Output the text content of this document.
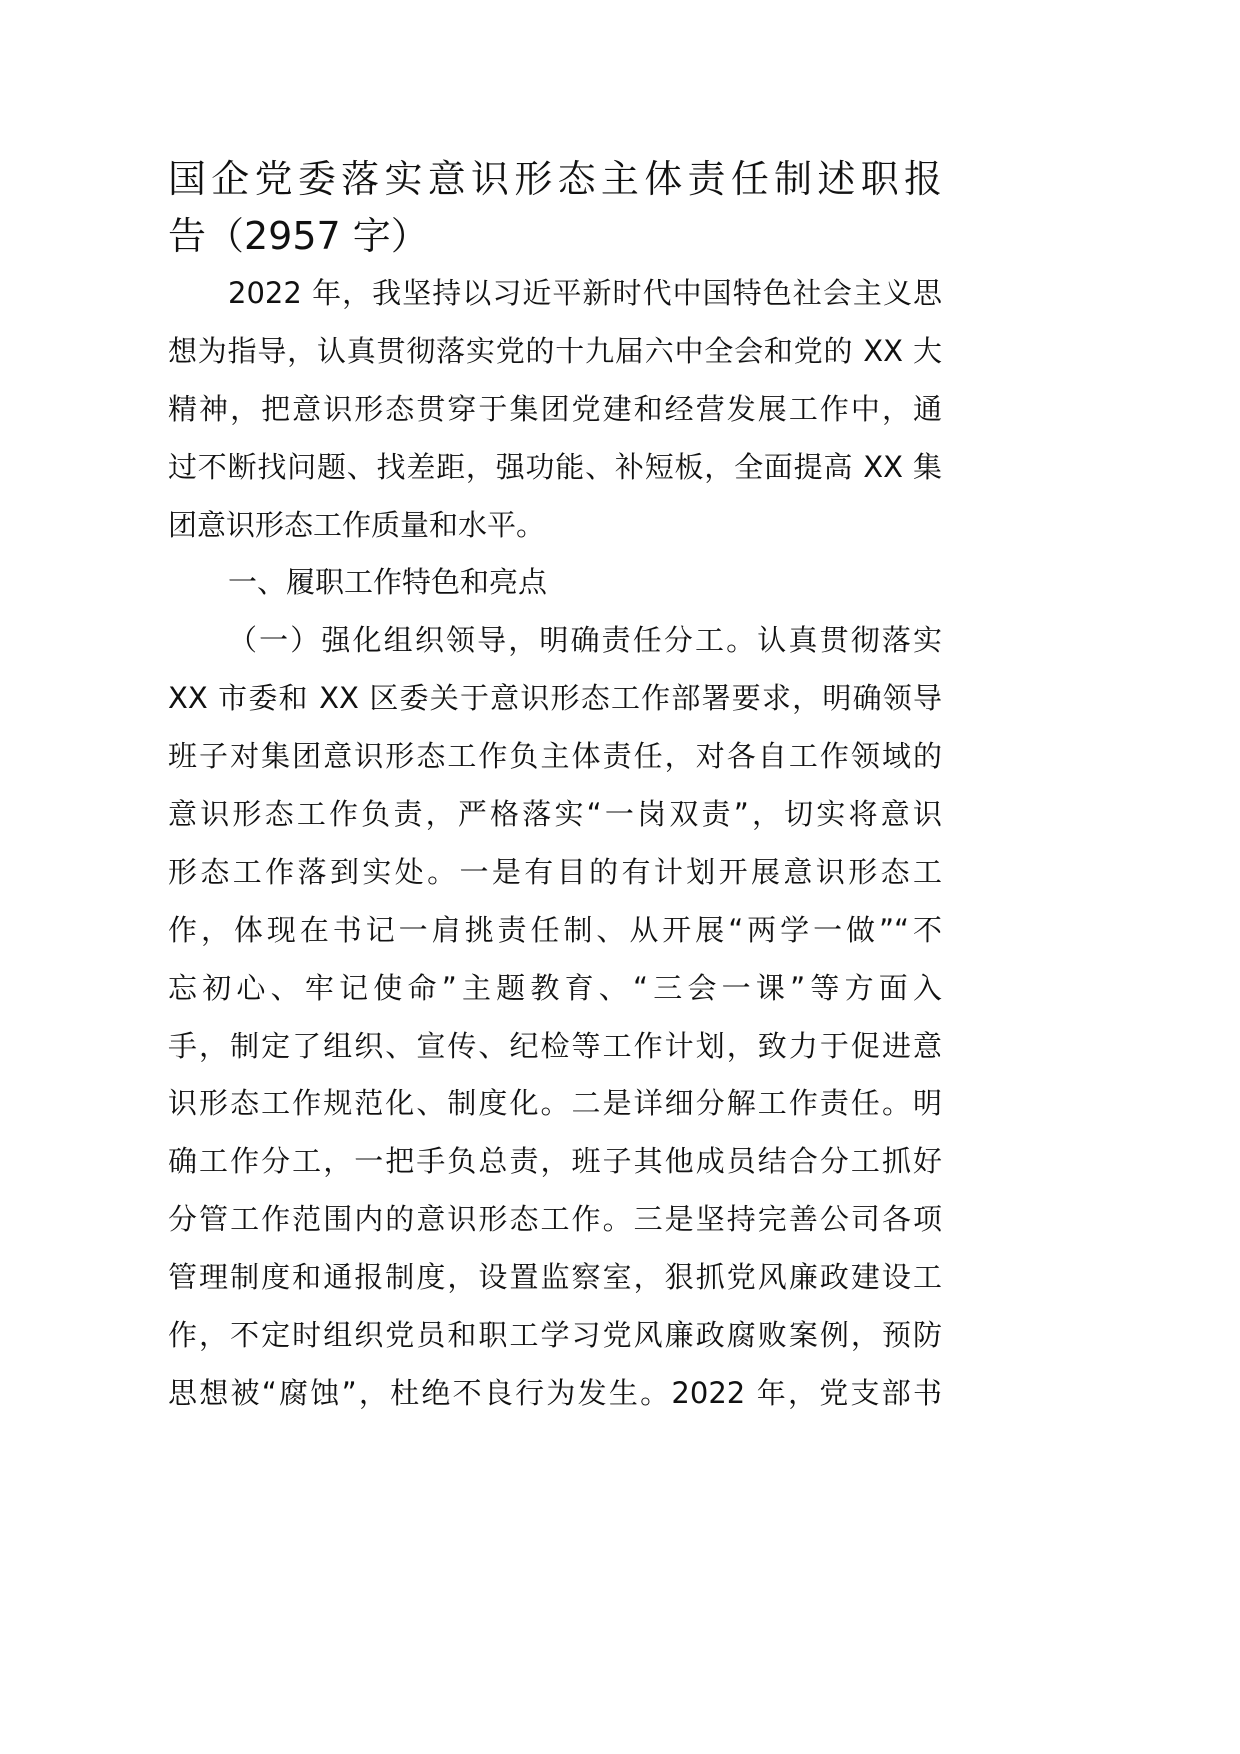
国企党委落实意识形态主体责任制述职报
告（2957 字）
2022 年，我坚持以习近平新时代中国特色社会主义思
想为指导，认真贯彻落实党的十九届六中全会和党的 XX 大
精神，把意识形态贯穿于集团党建和经营发展工作中，通
过不断找问题、找差距，强功能、补短板，全面提高 XX 集
团意识形态工作质量和水平。
一、履职工作特色和亮点
（一）强化组织领导，明确责任分工。认真贯彻落实
XX 市委和 XX 区委关于意识形态工作部署要求，明确领导
班子对集团意识形态工作负主体责任，对各自工作领域的
意识形态工作负责，严格落实“一岗双责”，切实将意识
形态工作落到实处。一是有目的有计划开展意识形态工
作，体现在书记一肩挑责任制、从开展“两学一做”“不
忘初心、牢记使命”主题教育、“三会一课”等方面入
手，制定了组织、宣传、纪检等工作计划，致力于促进意
识形态工作规范化、制度化。二是详细分解工作责任。明
确工作分工，一把手负总责，班子其他成员结合分工抓好
分管工作范围内的意识形态工作。三是坚持完善公司各项
管理制度和通报制度，设置监察室，狠抓党风廉政建设工
作，不定时组织党员和职工学习党风廉政腐败案例，预防
思想被“腐蚀”，杜绝不良行为发生。2022 年，党支部书
